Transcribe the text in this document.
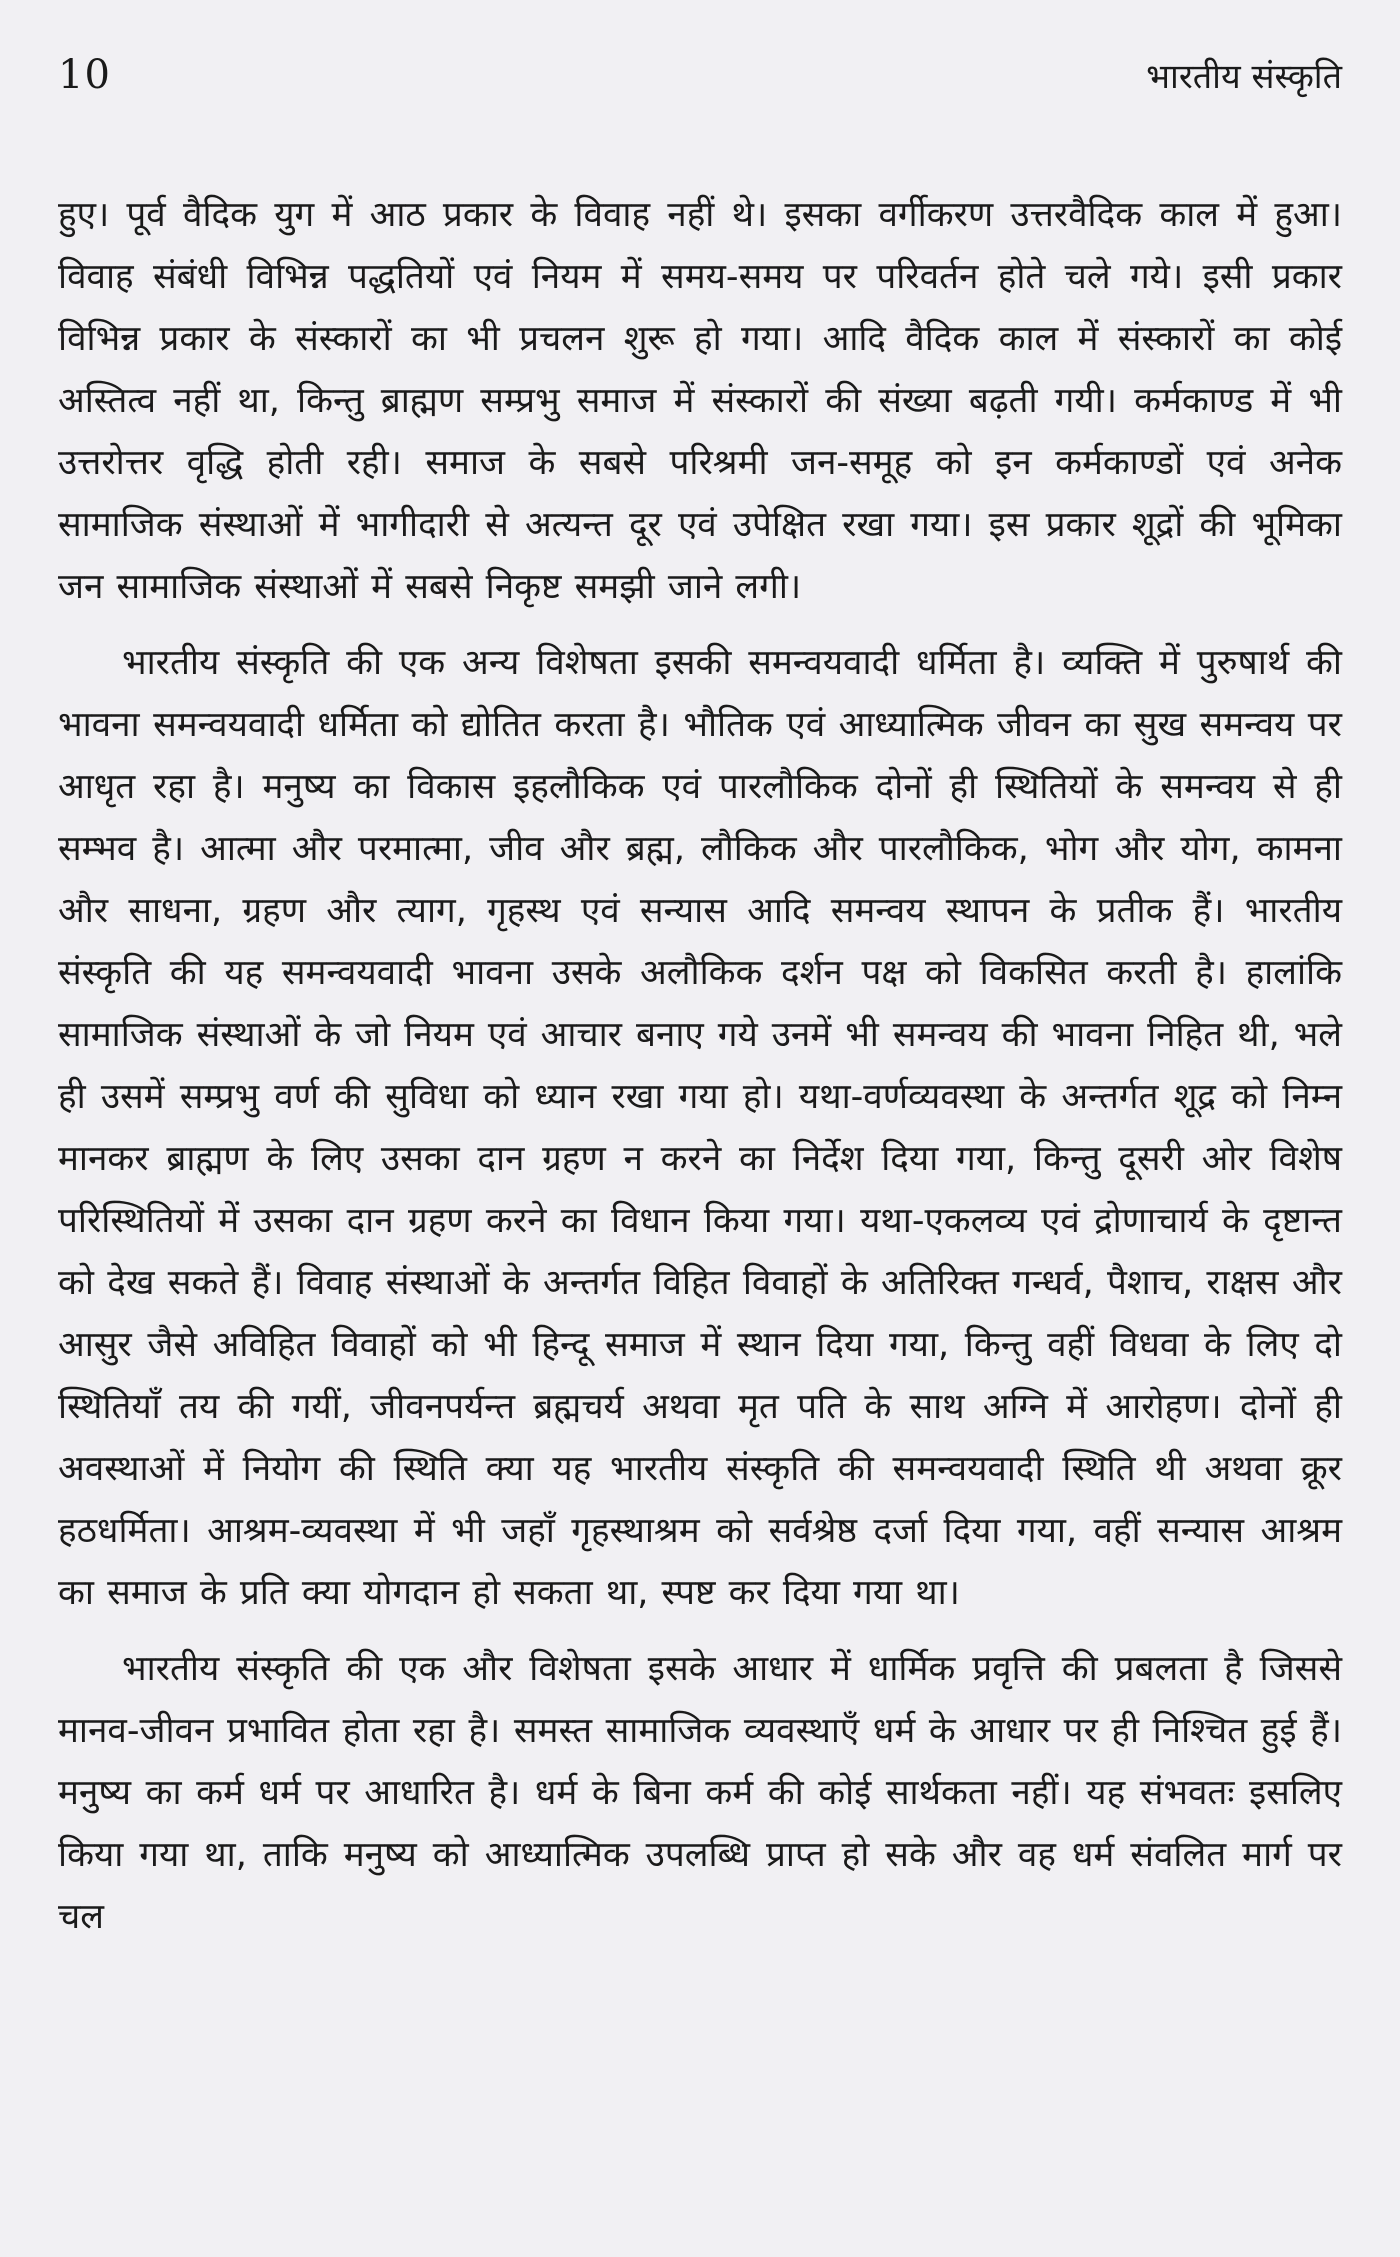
10	भारतीय संस्कृति

हुए। पूर्व वैदिक युग में आठ प्रकार के विवाह नहीं थे। इसका वर्गीकरण उत्तरवैदिक काल में हुआ। विवाह संबंधी विभिन्न पद्धतियों एवं नियम में समय-समय पर परिवर्तन होते चले गये। इसी प्रकार विभिन्न प्रकार के संस्कारों का भी प्रचलन शुरू हो गया। आदि वैदिक काल में संस्कारों का कोई अस्तित्व नहीं था, किन्तु ब्राह्मण सम्प्रभु समाज में संस्कारों की संख्या बढ़ती गयी। कर्मकाण्ड में भी उत्तरोत्तर वृद्धि होती रही। समाज के सबसे परिश्रमी जन-समूह को इन कर्मकाण्डों एवं अनेक सामाजिक संस्थाओं में भागीदारी से अत्यन्त दूर एवं उपेक्षित रखा गया। इस प्रकार शूद्रों की भूमिका जन सामाजिक संस्थाओं में सबसे निकृष्ट समझी जाने लगी।

भारतीय संस्कृति की एक अन्य विशेषता इसकी समन्वयवादी धर्मिता है। व्यक्ति में पुरुषार्थ की भावना समन्वयवादी धर्मिता को द्योतित करता है। भौतिक एवं आध्यात्मिक जीवन का सुख समन्वय पर आधृत रहा है। मनुष्य का विकास इहलौकिक एवं पारलौकिक दोनों ही स्थितियों के समन्वय से ही सम्भव है। आत्मा और परमात्मा, जीव और ब्रह्म, लौकिक और पारलौकिक, भोग और योग, कामना और साधना, ग्रहण और त्याग, गृहस्थ एवं सन्यास आदि समन्वय स्थापन के प्रतीक हैं। भारतीय संस्कृति की यह समन्वयवादी भावना उसके अलौकिक दर्शन पक्ष को विकसित करती है। हालांकि सामाजिक संस्थाओं के जो नियम एवं आचार बनाए गये उनमें भी समन्वय की भावना निहित थी, भले ही उसमें सम्प्रभु वर्ण की सुविधा को ध्यान रखा गया हो। यथा-वर्णव्यवस्था के अन्तर्गत शूद्र को निम्न मानकर ब्राह्मण के लिए उसका दान ग्रहण न करने का निर्देश दिया गया, किन्तु दूसरी ओर विशेष परिस्थितियों में उसका दान ग्रहण करने का विधान किया गया। यथा-एकलव्य एवं द्रोणाचार्य के दृष्टान्त को देख सकते हैं। विवाह संस्थाओं के अन्तर्गत विहित विवाहों के अतिरिक्त गन्धर्व, पैशाच, राक्षस और आसुर जैसे अविहित विवाहों को भी हिन्दू समाज में स्थान दिया गया, किन्तु वहीं विधवा के लिए दो स्थितियाँ तय की गयीं, जीवनपर्यन्त ब्रह्मचर्य अथवा मृत पति के साथ अग्नि में आरोहण। दोनों ही अवस्थाओं में नियोग की स्थिति क्या यह भारतीय संस्कृति की समन्वयवादी स्थिति थी अथवा क्रूर हठधर्मिता। आश्रम-व्यवस्था में भी जहाँ गृहस्थाश्रम को सर्वश्रेष्ठ दर्जा दिया गया, वहीं सन्यास आश्रम का समाज के प्रति क्या योगदान हो सकता था, स्पष्ट कर दिया गया था।

भारतीय संस्कृति की एक और विशेषता इसके आधार में धार्मिक प्रवृत्ति की प्रबलता है जिससे मानव-जीवन प्रभावित होता रहा है। समस्त सामाजिक व्यवस्थाएँ धर्म के आधार पर ही निश्चित हुई हैं। मनुष्य का कर्म धर्म पर आधारित है। धर्म के बिना कर्म की कोई सार्थकता नहीं। यह संभवतः इसलिए किया गया था, ताकि मनुष्य को आध्यात्मिक उपलब्धि प्राप्त हो सके और वह धर्म संवलित मार्ग पर चल
